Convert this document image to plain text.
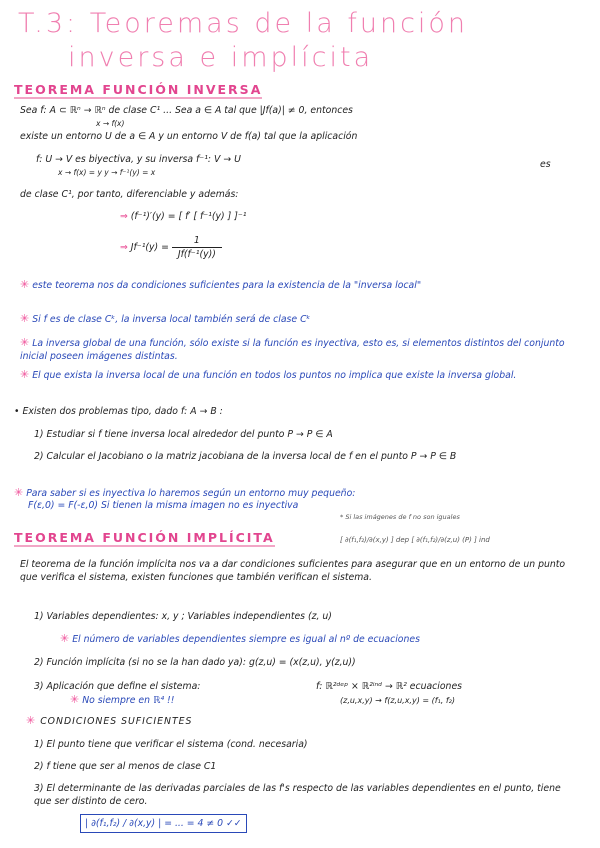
T.3: Teoremas de la función
inversa e implícita
TEOREMA FUNCIÓN INVERSA
Sea f: A ⊂ ℝⁿ → ℝⁿ de clase C¹ ... Sea a ∈ A tal que |Jf(a)| ≠ 0, entonces
x → f(x)
existe un entorno U de a ∈ A y un entorno V de f(a) tal que la aplicación
f: U → V es biyectiva, y su inversa f⁻¹: V → U
x → f(x) = y y → f⁻¹(y) = x
es
de clase C¹, por tanto, diferenciable y además:
⇒ (f⁻¹)′(y) = [ f′ [ f⁻¹(y) ] ]⁻¹
⇒ $Jf^{-1}(y) = \frac{1}{\text{Jf(f⁻¹(y))}}$
✳ este teorema nos da condiciones suficientes para la existencia de la "inversa local"
✳ Si f es de clase Cᵏ, la inversa local también será de clase Cᵏ
✳ La inversa global de una función, sólo existe si la función es inyectiva, esto es, si elementos distintos del conjunto inicial poseen imágenes distintas.
✳ El que exista la inversa local de una función en todos los puntos no implica que existe la inversa global.
• Existen dos problemas tipo, dado f: A → B :
1) Estudiar si f tiene inversa local alrededor del punto P → P ∈ A
2) Calcular el Jacobiano o la matriz jacobiana de la inversa local de f en el punto P → P ∈ B
✳ Para saber si es inyectiva lo haremos según un entorno muy pequeño:
F(ε,0) = F(-ε,0) Si tienen la misma imagen no es inyectiva
* Si las imágenes de f no son iguales
TEOREMA FUNCIÓN IMPLÍCITA	[ ∂(f₁,f₂)/∂(x,y) ] dep [ ∂(f₁,f₂)/∂(z,u) (P) ] ind
El teorema de la función implícita nos va a dar condiciones suficientes para asegurar que en un entorno de un punto que verifica el sistema, existen funciones que también verifican el sistema.
1) Variables dependientes: x, y ; Variables independientes (z, u)
✳ El número de variables dependientes siempre es igual al nº de ecuaciones
2) Función implícita (si no se la han dado ya): g(z,u) = (x(z,u), y(z,u))
3) Aplicación que define el sistema:	f: ℝ²ᵈᵉᵖ × ℝ²ⁱⁿᵈ → ℝ² ecuaciones
(z,u,x,y) → f(z,u,x,y) = (f₁, f₂)
✳ No siempre en ℝ⁴ !!
✳ CONDICIONES SUFICIENTES
1) El punto tiene que verificar el sistema (cond. necesaria)
2) f tiene que ser al menos de clase C1
3) El determinante de las derivadas parciales de las f's respecto de las variables dependientes en el punto, tiene que ser distinto de cero.
| ∂(f₁,f₂) / ∂(x,y) | = ... = 4 ≠ 0 ✓✓
